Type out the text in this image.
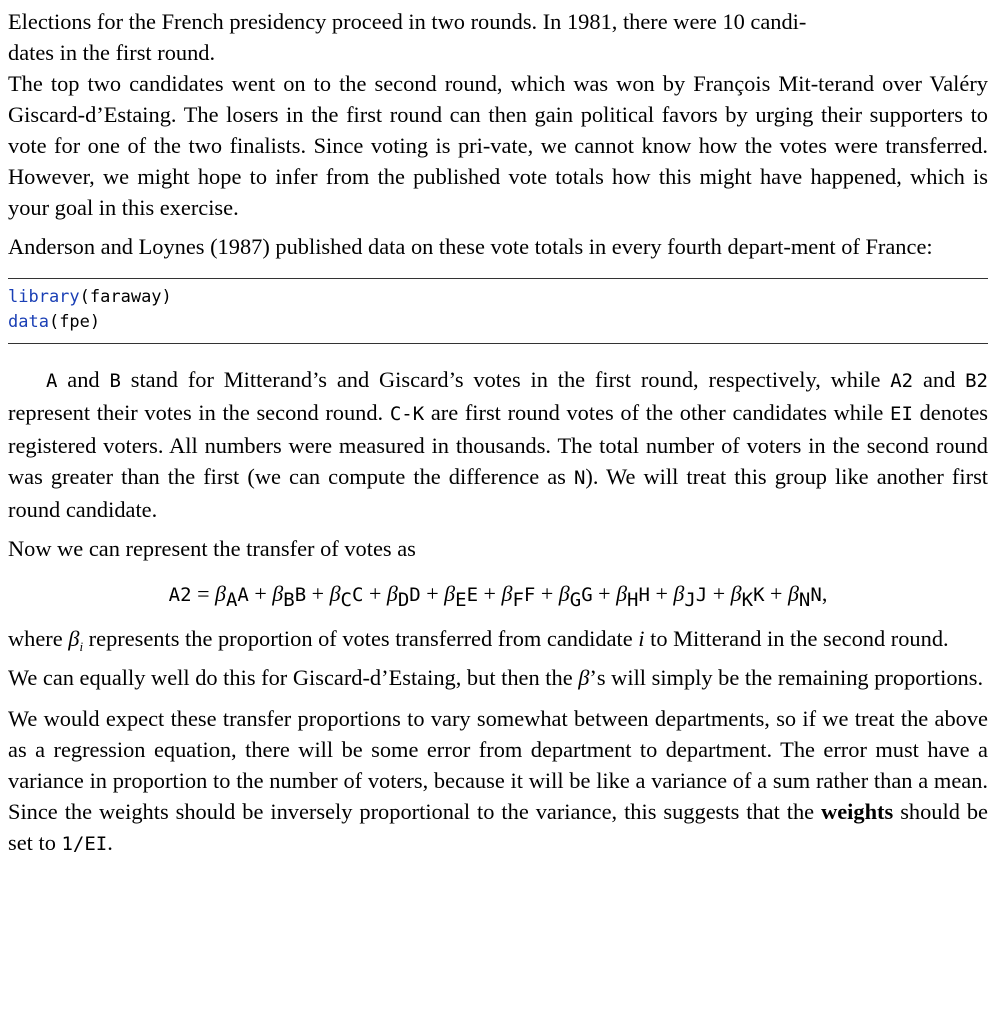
Elections for the French presidency proceed in two rounds. In 1981, there were 10 candi-
dates in the first round.

The top two candidates went on to the second round, which was won by François Mit-terand over Valéry Giscard-d’Estaing. The losers in the first round can then gain political favors by urging their supporters to vote for one of the two finalists. Since voting is pri-vate, we cannot know how the votes were transferred. However, we might hope to infer from the published vote totals how this might have happened, which is your goal in this exercise.

Anderson and Loynes (1987) published data on these vote totals in every fourth depart-ment of France:

library(faraway)
data(fpe)

A and B stand for Mitterand’s and Giscard’s votes in the first round, respectively, while A2 and B2 represent their votes in the second round. C-K are first round votes of the other candidates while EI denotes registered voters. All numbers were measured in thousands. The total number of voters in the second round was greater than the first (we can compute the difference as N). We will treat this group like another first round candidate.

Now we can represent the transfer of votes as

$A2 = \beta_AA + \beta_BB + \beta_CC + \beta_DD + \beta_EE + \beta_FF + \beta_GG + \beta_HH + \beta_JJ + \beta_KK + \beta_NN$,

where $\beta_i$ represents the proportion of votes transferred from candidate i to Mitterand in the second round.

We can equally well do this for Giscard-d’Estaing, but then the β’s will simply be the remaining proportions.

We would expect these transfer proportions to vary somewhat between departments, so if we treat the above as a regression equation, there will be some error from department to department. The error must have a variance in proportion to the number of voters, because it will be like a variance of a sum rather than a mean. Since the weights should be inversely proportional to the variance, this suggests that the weights should be set to 1/EI.
